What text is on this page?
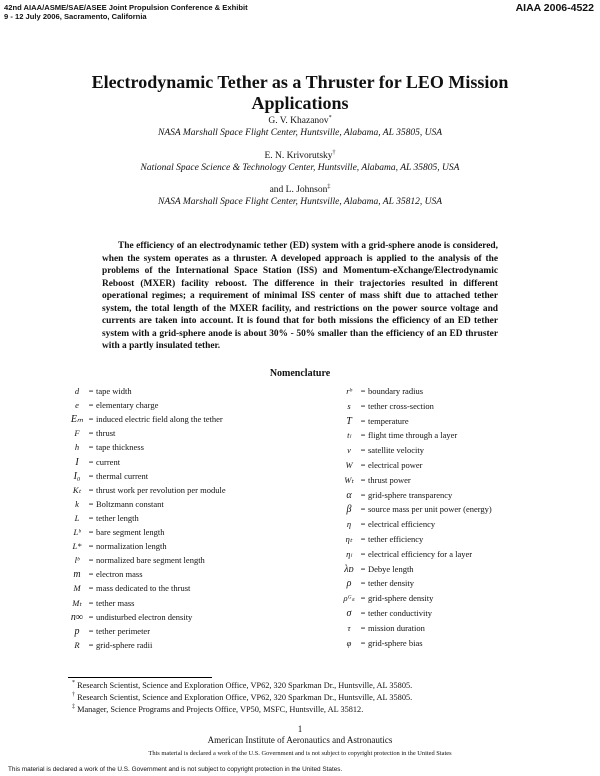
42nd AIAA/ASME/SAE/ASEE Joint Propulsion Conference & Exhibit
9 - 12 July 2006, Sacramento, California
AIAA 2006-4522
Electrodynamic Tether as a Thruster for LEO Mission
Applications
G. V. Khazanov*
NASA Marshall Space Flight Center, Huntsville, Alabama, AL 35805, USA
E. N. Krivorutsky†
National Space Science & Technology Center, Huntsville, Alabama, AL 35805, USA
and L. Johnson‡
NASA Marshall Space Flight Center, Huntsville, Alabama, AL 35812, USA
The efficiency of an electrodynamic tether (ED) system with a grid-sphere anode is considered, when the system operates as a thruster. A developed approach is applied to the analysis of the problems of the International Space Station (ISS) and Momentum-eXchange/Electrodynamic Reboost (MXER) facility reboost. The difference in their trajectories resulted in different operational regimes; a requirement of minimal ISS center of mass shift due to attached tether system, the total length of the MXER facility, and restrictions on the power source voltage and currents are taken into account. It is found that for both missions the efficiency of an ED tether system with a grid-sphere anode is about 30% - 50% smaller than the efficiency of an ED thruster with a partly insulated tether.
Nomenclature
d = tape width
e = elementary charge
Eₘ = induced electric field along the tether
F = thrust
h = tape thickness
I = current
I₀ = thermal current
Kₜ = thrust work per revolution per module
k = Boltzmann constant
L = tether length
Lᵇ = bare segment length
L* = normalization length
lᵇ = normalized bare segment length
m = electron mass
M = mass dedicated to the thrust
Mₜ = tether mass
n∞ = undisturbed electron density
p = tether perimeter
R = grid-sphere radii
rᵇ = boundary radius
s = tether cross-section
T = temperature
tₗ = flight time through a layer
v = satellite velocity
W = electrical power
Wₜ = thrust power
α = grid-sphere transparency
β = source mass per unit power (energy)
η = electrical efficiency
ηₜ = tether efficiency
ηₗ = electrical efficiency for a layer
λᴅ = Debye length
ρ = tether density
ρᴳₛ = grid-sphere density
σ = tether conductivity
τ = mission duration
φ = grid-sphere bias
* Research Scientist, Science and Exploration Office, VP62, 320 Sparkman Dr., Huntsville, AL 35805.
† Research Scientist, Science and Exploration Office, VP62, 320 Sparkman Dr., Huntsville, AL 35805.
‡ Manager, Science Programs and Projects Office, VP50, MSFC, Huntsville, AL 35812.
1
American Institute of Aeronautics and Astronautics
This material is declared a work of the U.S. Government and is not subject to copyright protection in the United States
This material is declared a work of the U.S. Government and is not subject to copyright protection in the United States.
